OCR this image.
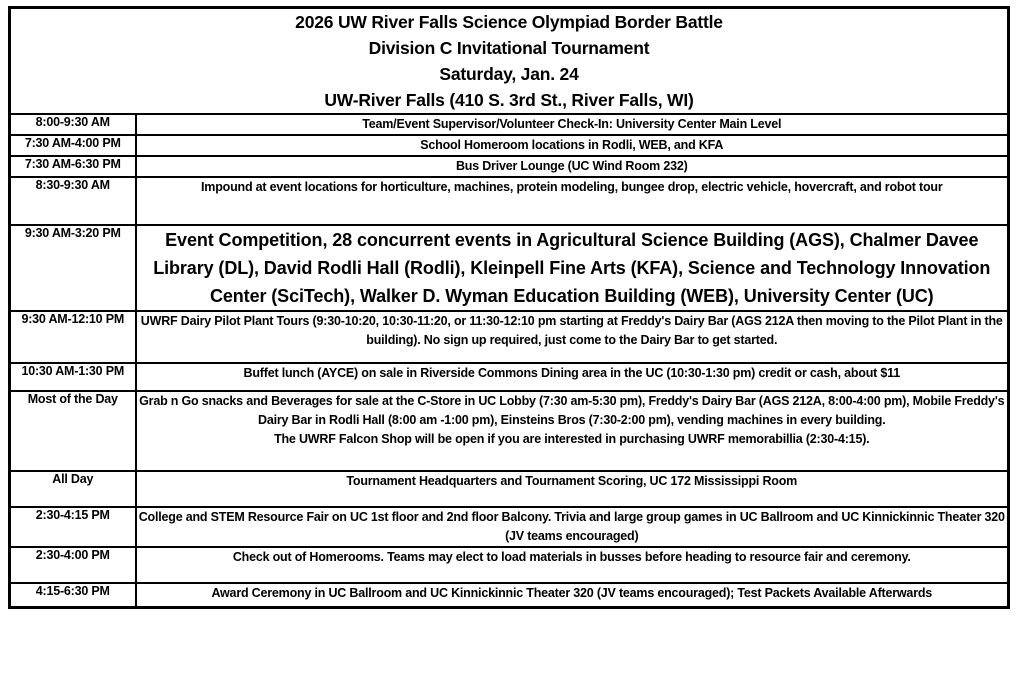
2026 UW River Falls Science Olympiad Border Battle
Division C Invitational Tournament
Saturday, Jan. 24
UW-River Falls (410 S. 3rd St., River Falls, WI)	

8:00-9:30 AM	Team/Event Supervisor/Volunteer Check-In: University Center Main Level

7:30 AM-4:00 PM	School Homeroom locations in Rodli, WEB, and KFA

7:30 AM-6:30 PM	Bus Driver Lounge (UC Wind Room 232)

8:30-9:30 AM	Impound at event locations for horticulture, machines, protein modeling, bungee drop, electric vehicle, hovercraft, and robot tour

9:30 AM-3:20 PM	Event Competition, 28 concurrent events in Agricultural Science Building (AGS), Chalmer Davee Library (DL), David Rodli Hall (Rodli), Kleinpell Fine Arts (KFA), Science and Technology Innovation Center (SciTech), Walker D. Wyman Education Building (WEB), University Center (UC)

9:30 AM-12:10 PM	UWRF Dairy Pilot Plant Tours (9:30-10:20, 10:30-11:20, or 11:30-12:10 pm starting at Freddy's Dairy Bar (AGS 212A then moving to the Pilot Plant in the building). No sign up required, just come to the Dairy Bar to get started.

10:30 AM-1:30 PM	Buffet lunch (AYCE) on sale in Riverside Commons Dining area in the UC (10:30-1:30 pm) credit or cash, about $11

Most of the Day	Grab n Go snacks and Beverages for sale at the C-Store in UC Lobby (7:30 am-5:30 pm), Freddy's Dairy Bar (AGS 212A, 8:00-4:00 pm), Mobile Freddy's Dairy Bar in Rodli Hall (8:00 am -1:00 pm), Einsteins Bros (7:30-2:00 pm), vending machines in every building.
The UWRF Falcon Shop will be open if you are interested in purchasing UWRF memorabillia (2:30-4:15).

All Day	Tournament Headquarters and Tournament Scoring, UC 172 Mississippi Room

2:30-4:15 PM	College and STEM Resource Fair on UC 1st floor and 2nd floor Balcony. Trivia and large group games in UC Ballroom and UC Kinnickinnic Theater 320 (JV teams encouraged)

2:30-4:00 PM	Check out of Homerooms. Teams may elect to load materials in busses before heading to resource fair and ceremony.

4:15-6:30 PM	Award Ceremony in UC Ballroom and UC Kinnickinnic Theater 320 (JV teams encouraged); Test Packets Available Afterwards
